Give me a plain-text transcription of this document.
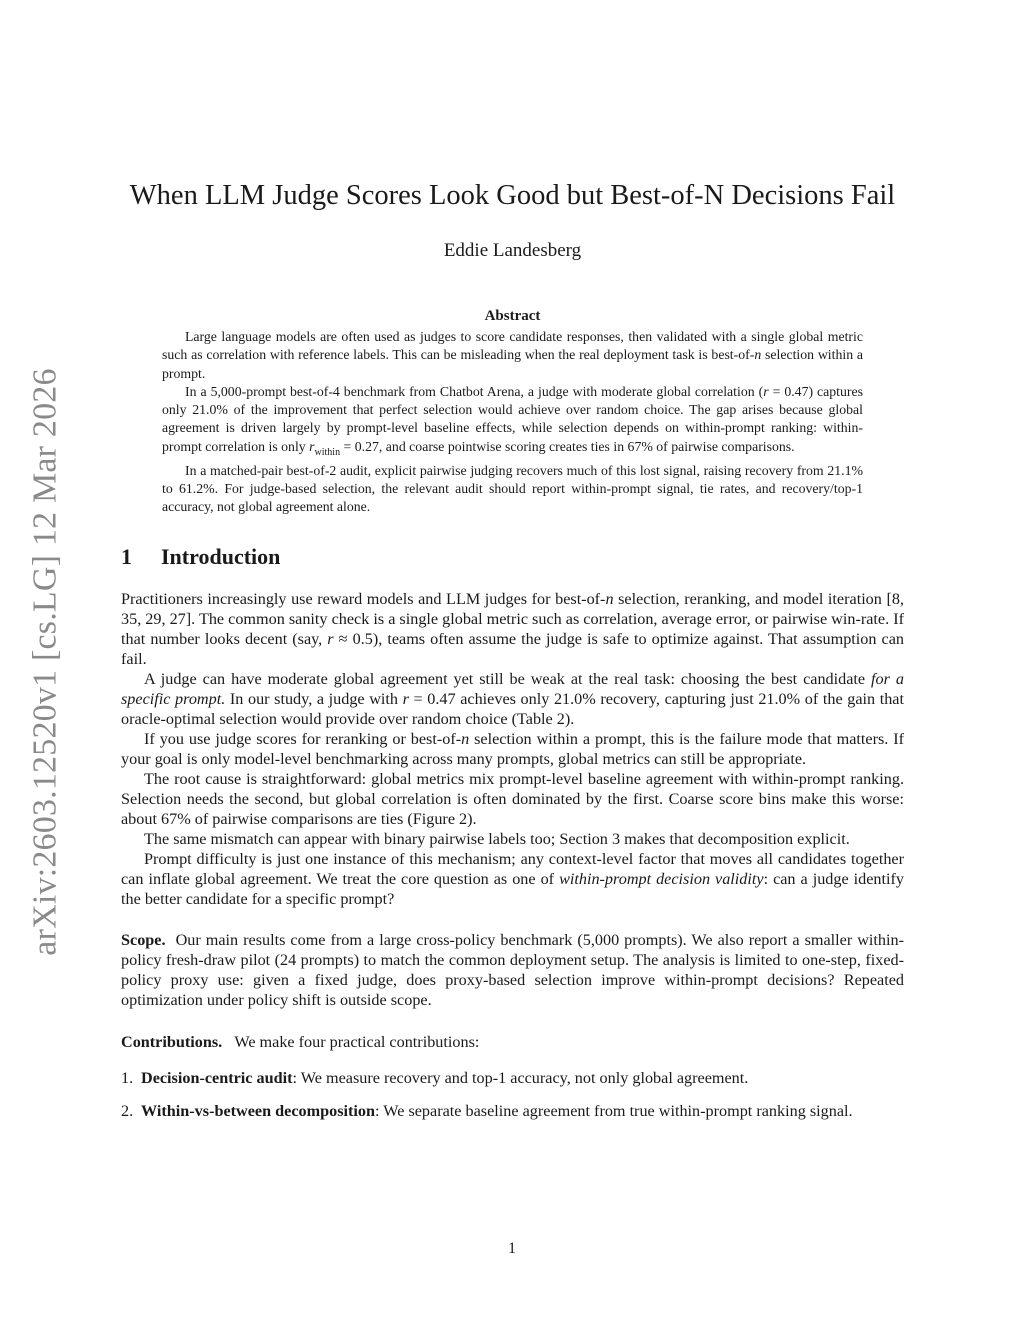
arXiv:2603.12520v1 [cs.LG] 12 Mar 2026
When LLM Judge Scores Look Good but Best-of-N Decisions Fail
Eddie Landesberg
Abstract

Large language models are often used as judges to score candidate responses, then validated with a single global metric such as correlation with reference labels. This can be misleading when the real deployment task is best-of-n selection within a prompt.

In a 5,000-prompt best-of-4 benchmark from Chatbot Arena, a judge with moderate global correlation (r = 0.47) captures only 21.0% of the improvement that perfect selection would achieve over random choice. The gap arises because global agreement is driven largely by prompt-level baseline effects, while selection depends on within-prompt ranking: within-prompt correlation is only $r_{within} = 0.27$, and coarse pointwise scoring creates ties in 67% of pairwise comparisons.

In a matched-pair best-of-2 audit, explicit pairwise judging recovers much of this lost signal, raising recovery from 21.1% to 61.2%. For judge-based selection, the relevant audit should report within-prompt signal, tie rates, and recovery/top-1 accuracy, not global agreement alone.

1 Introduction

Practitioners increasingly use reward models and LLM judges for best-of-n selection, reranking, and model iteration [8, 35, 29, 27]. The common sanity check is a single global metric such as correlation, average error, or pairwise win-rate. If that number looks decent (say, r ≈ 0.5), teams often assume the judge is safe to optimize against. That assumption can fail.

A judge can have moderate global agreement yet still be weak at the real task: choosing the best candidate for a specific prompt. In our study, a judge with r = 0.47 achieves only 21.0% recovery, capturing just 21.0% of the gain that oracle-optimal selection would provide over random choice (Table 2).

If you use judge scores for reranking or best-of-n selection within a prompt, this is the failure mode that matters. If your goal is only model-level benchmarking across many prompts, global metrics can still be appropriate.

The root cause is straightforward: global metrics mix prompt-level baseline agreement with within-prompt ranking. Selection needs the second, but global correlation is often dominated by the first. Coarse score bins make this worse: about 67% of pairwise comparisons are ties (Figure 2).

The same mismatch can appear with binary pairwise labels too; Section 3 makes that decomposition explicit.

Prompt difficulty is just one instance of this mechanism; any context-level factor that moves all candidates together can inflate global agreement. We treat the core question as one of within-prompt decision validity: can a judge identify the better candidate for a specific prompt?

Scope. Our main results come from a large cross-policy benchmark (5,000 prompts). We also report a smaller within-policy fresh-draw pilot (24 prompts) to match the common deployment setup. The analysis is limited to one-step, fixed-policy proxy use: given a fixed judge, does proxy-based selection improve within-prompt decisions? Repeated optimization under policy shift is outside scope.

Contributions. We make four practical contributions:

1. Decision-centric audit: We measure recovery and top-1 accuracy, not only global agreement.
2. Within-vs-between decomposition: We separate baseline agreement from true within-prompt ranking signal.
1
